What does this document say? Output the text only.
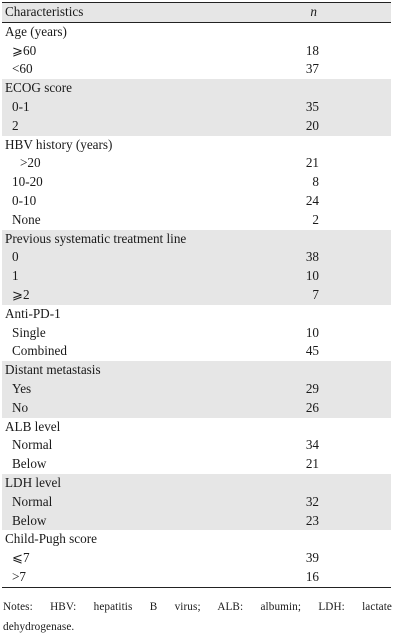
Characteristics	n
Age (years)	
⩾60	18
<60	37
ECOG score	
0-1	35
2	20
HBV history (years)	
>20	21
10-20	8
0-10	24
None	2
Previous systematic treatment line	
0	38
1	10
⩾2	7
Anti-PD-1	
Single	10
Combined	45
Distant metastasis	
Yes	29
No	26
ALB level	
Normal	34
Below	21
LDH level	
Normal	32
Below	23
Child-Pugh score	
⩽7	39
>7	16
Notes: HBV: hepatitis B virus; ALB: albumin; LDH: lactate
dehydrogenase.
